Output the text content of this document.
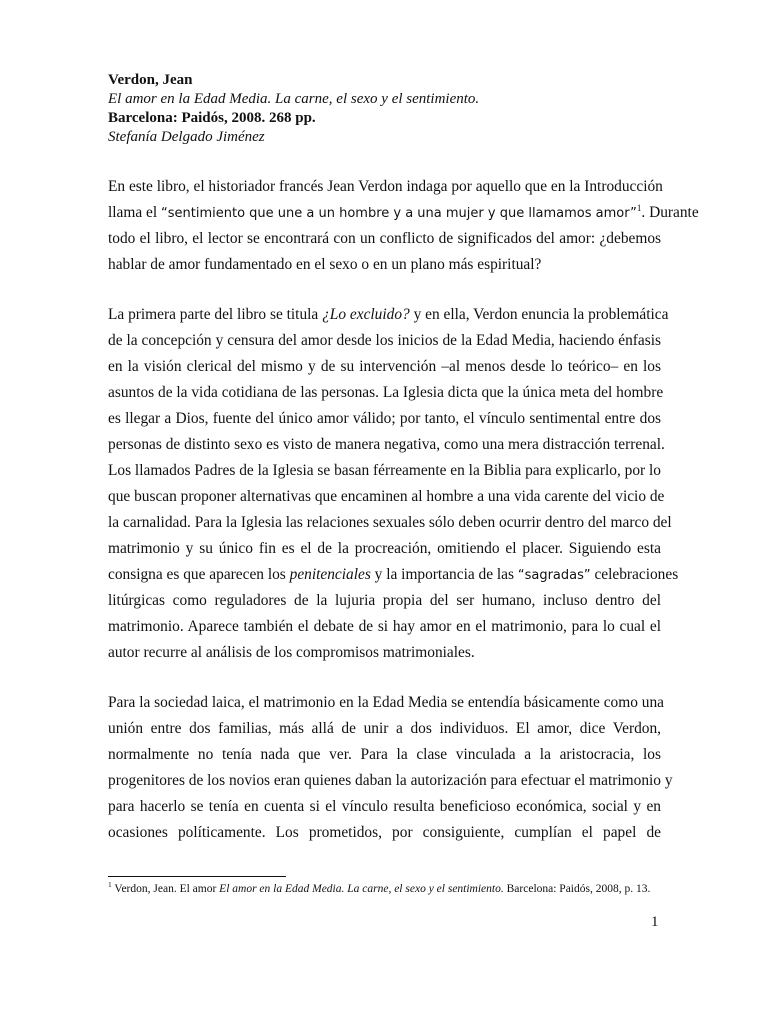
Verdon, Jean
El amor en la Edad Media. La carne, el sexo y el sentimiento.
Barcelona: Paidós, 2008. 268 pp.
Stefanía Delgado Jiménez
En este libro, el historiador francés Jean Verdon indaga por aquello que en la Introducción
llama el “sentimiento que une a un hombre y a una mujer y que llamamos amor”$^1$. Durante
todo el libro, el lector se encontrará con un conflicto de significados del amor: ¿debemos
hablar de amor fundamentado en el sexo o en un plano más espiritual?
La primera parte del libro se titula ¿Lo excluido? y en ella, Verdon enuncia la problemática
de la concepción y censura del amor desde los inicios de la Edad Media, haciendo énfasis
en la visión clerical del mismo y de su intervención –al menos desde lo teórico– en los
asuntos de la vida cotidiana de las personas. La Iglesia dicta que la única meta del hombre
es llegar a Dios, fuente del único amor válido; por tanto, el vínculo sentimental entre dos
personas de distinto sexo es visto de manera negativa, como una mera distracción terrenal.
Los llamados Padres de la Iglesia se basan férreamente en la Biblia para explicarlo, por lo
que buscan proponer alternativas que encaminen al hombre a una vida carente del vicio de
la carnalidad. Para la Iglesia las relaciones sexuales sólo deben ocurrir dentro del marco del
matrimonio y su único fin es el de la procreación, omitiendo el placer. Siguiendo esta
consigna es que aparecen los penitenciales y la importancia de las “sagradas” celebraciones
litúrgicas como reguladores de la lujuria propia del ser humano, incluso dentro del
matrimonio. Aparece también el debate de si hay amor en el matrimonio, para lo cual el
autor recurre al análisis de los compromisos matrimoniales.
Para la sociedad laica, el matrimonio en la Edad Media se entendía básicamente como una
unión entre dos familias, más allá de unir a dos individuos. El amor, dice Verdon,
normalmente no tenía nada que ver. Para la clase vinculada a la aristocracia, los
progenitores de los novios eran quienes daban la autorización para efectuar el matrimonio y
para hacerlo se tenía en cuenta si el vínculo resulta beneficioso económica, social y en
ocasiones políticamente. Los prometidos, por consiguiente, cumplían el papel de
$^1$ Verdon, Jean. El amor El amor en la Edad Media. La carne, el sexo y el sentimiento. Barcelona: Paidós, 2008, p. 13.
1
